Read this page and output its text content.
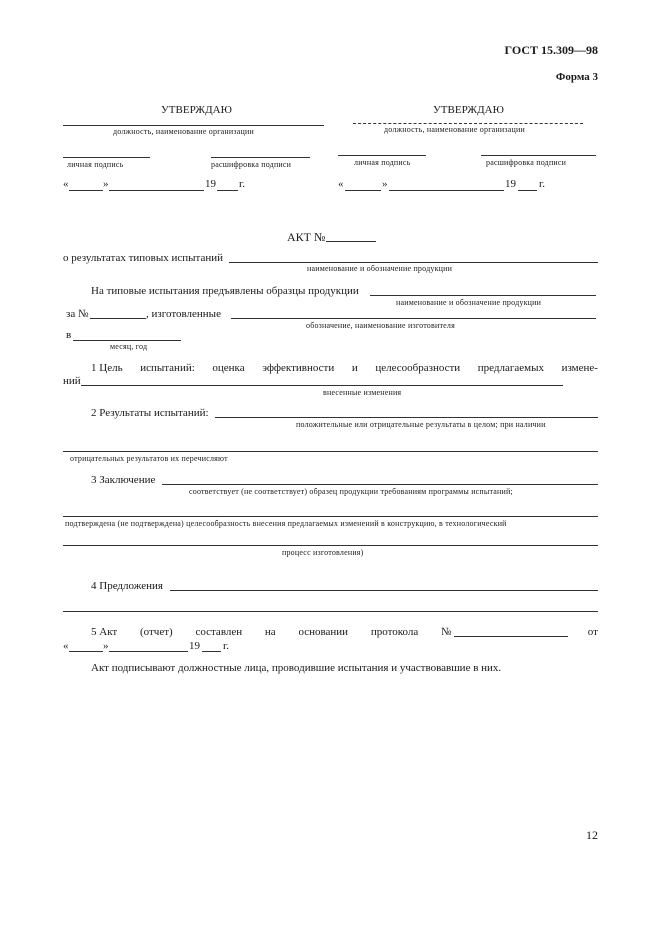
ГОСТ 15.309—98
Форма 3
УТВЕРЖДАЮ
должность, наименование организации
личная подпись	расшифровка подписи
«	»	19 г.
УТВЕРЖДАЮ
должность, наименование организации
личная подпись	расшифровка подписи
«	»	19 г.
АКТ №
о результатах типовых испытаний
наименование и обозначение продукции
На типовые испытания предъявлены образцы продукции
наименование и обозначение продукции
за №	, изготовленные
обозначение, наименование изготовителя
в
месяц, год
1 Цель испытаний: оценка эффективности и целесообразности предлагаемых измене-
ний
внесенные изменения
2 Результаты испытаний:
положительные или отрицательные результаты в целом; при наличии
отрицательных результатов их перечисляют
3 Заключение
соответствует (не соответствует) образец продукции требованиям программы испытаний;
подтверждена (не подтверждена) целесообразность внесения предлагаемых изменений в конструкцию, в технологический
процесс изготовления)
4 Предложения
5 Акт (отчет) составлен на основании протокола №	от
«	»	19 г.
Акт подписывают должностные лица, проводившие испытания и участвовавшие в них.
12
